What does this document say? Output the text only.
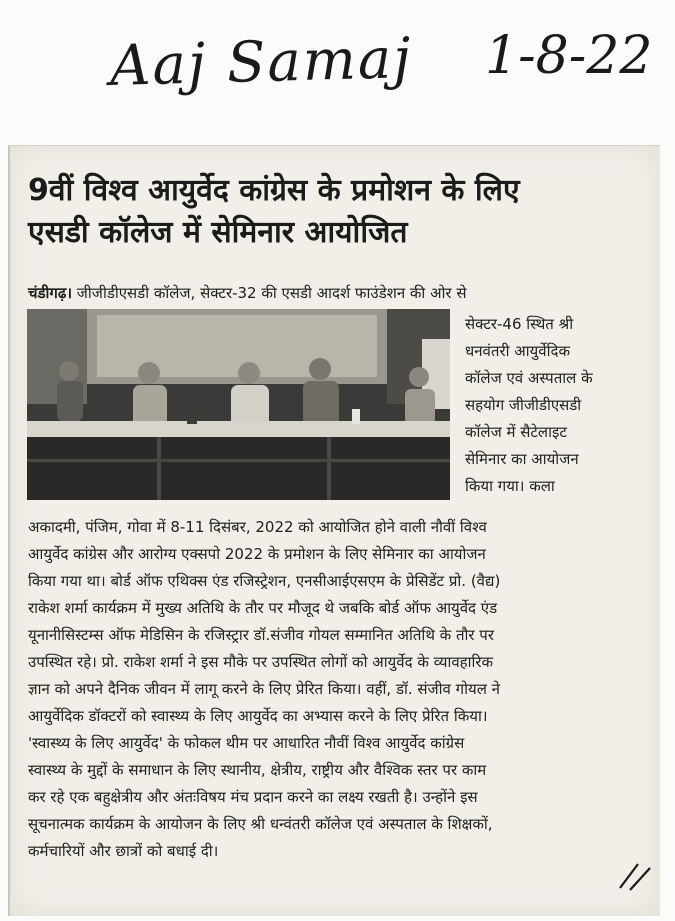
Aaj Samaj 1-8-22
9वीं विश्व आयुर्वेद कांग्रेस के प्रमोशन के लिए
एसडी कॉलेज में सेमिनार आयोजित
चंडीगढ़। जीजीडीएसडी कॉलेज, सेक्टर-32 की एसडी आदर्श फाउंडेशन की ओर से
सेक्टर-46 स्थित श्री
धनवंतरी आयुर्वेदिक
कॉलेज एवं अस्पताल के
सहयोग जीजीडीएसडी
कॉलेज में सैटेलाइट
सेमिनार का आयोजन
किया गया। कला
अकादमी, पंजिम, गोवा में 8-11 दिसंबर, 2022 को आयोजित होने वाली नौवीं विश्व
आयुर्वेद कांग्रेस और आरोग्य एक्सपो 2022 के प्रमोशन के लिए सेमिनार का आयोजन
किया गया था। बोर्ड ऑफ एथिक्स एंड रजिस्ट्रेशन, एनसीआईएसएम के प्रेसिडेंट प्रो. (वैद्य)
राकेश शर्मा कार्यक्रम में मुख्य अतिथि के तौर पर मौजूद थे जबकि बोर्ड ऑफ आयुर्वेद एंड
यूनानीसिस्टम्स ऑफ मेडिसिन के रजिस्ट्रार डॉ.संजीव गोयल सम्मानित अतिथि के तौर पर
उपस्थित रहे। प्रो. राकेश शर्मा ने इस मौके पर उपस्थित लोगों को आयुर्वेद के व्यावहारिक
ज्ञान को अपने दैनिक जीवन में लागू करने के लिए प्रेरित किया। वहीं, डॉ. संजीव गोयल ने
आयुर्वेदिक डॉक्टरों को स्वास्थ्य के लिए आयुर्वेद का अभ्यास करने के लिए प्रेरित किया।
'स्वास्थ्य के लिए आयुर्वेद' के फोकल थीम पर आधारित नौवीं विश्व आयुर्वेद कांग्रेस
स्वास्थ्य के मुद्दों के समाधान के लिए स्थानीय, क्षेत्रीय, राष्ट्रीय और वैश्विक स्तर पर काम
कर रहे एक बहुक्षेत्रीय और अंतःविषय मंच प्रदान करने का लक्ष्य रखती है। उन्होंने इस
सूचनात्मक कार्यक्रम के आयोजन के लिए श्री धन्वंतरी कॉलेज एवं अस्पताल के शिक्षकों,
कर्मचारियों और छात्रों को बधाई दी।
